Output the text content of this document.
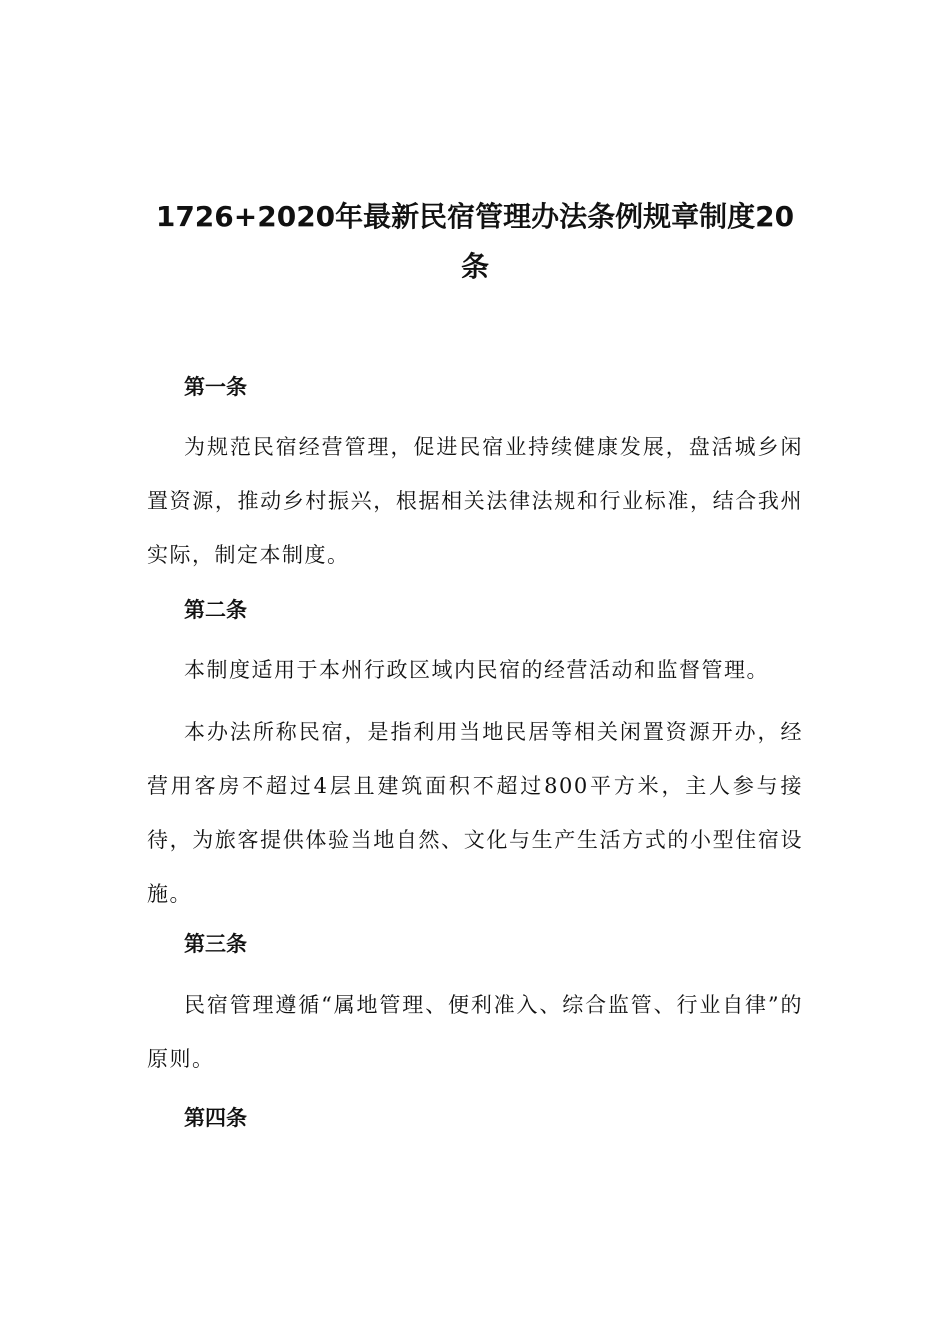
1726+2020年最新民宿管理办法条例规章制度20条
第一条
为规范民宿经营管理，促进民宿业持续健康发展，盘活城乡闲置资源，推动乡村振兴，根据相关法律法规和行业标准，结合我州实际，制定本制度。
第二条
本制度适用于本州行政区域内民宿的经营活动和监督管理。
本办法所称民宿，是指利用当地民居等相关闲置资源开办，经营用客房不超过4层且建筑面积不超过800平方米，主人参与接待，为旅客提供体验当地自然、文化与生产生活方式的小型住宿设施。
第三条
民宿管理遵循“属地管理、便利准入、综合监管、行业自律”的原则。
第四条
